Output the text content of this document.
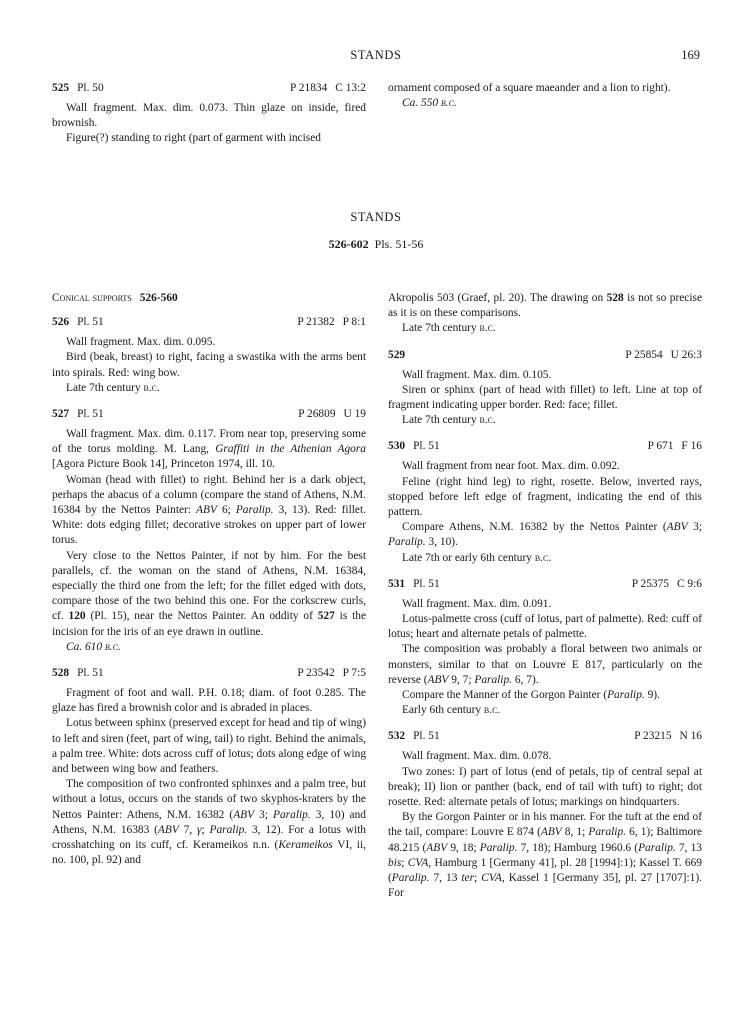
STANDS	169
525 Pl. 50	P 21834 C 13:2

Wall fragment. Max. dim. 0.073. Thin glaze on inside, fired brownish.

Figure(?) standing to right (part of garment with incised

ornament composed of a square maeander and a lion to right).

Ca. 550 b.c.
STANDS
526-602 Pls. 51-56
Conical supports 526-560
526 Pl. 51	P 21382 P 8:1

Wall fragment. Max. dim. 0.095.

Bird (beak, breast) to right, facing a swastika with the arms bent into spirals. Red: wing bow.

Late 7th century b.c.

527 Pl. 51	P 26809 U 19

Wall fragment. Max. dim. 0.117. From near top, preserving some of the torus molding. M. Lang, Graffiti in the Athenian Agora [Agora Picture Book 14], Princeton 1974, ill. 10.

Woman (head with fillet) to right. Behind her is a dark object, perhaps the abacus of a column (compare the stand of Athens, N.M. 16384 by the Nettos Painter: ABV 6; Paralip. 3, 13). Red: fillet. White: dots edging fillet; decorative strokes on upper part of lower torus.

Very close to the Nettos Painter, if not by him. For the best parallels, cf. the woman on the stand of Athens, N.M. 16384, especially the third one from the left; for the fillet edged with dots, compare those of the two behind this one. For the corkscrew curls, cf. 120 (Pl. 15), near the Nettos Painter. An oddity of 527 is the incision for the iris of an eye drawn in outline.

Ca. 610 b.c.

528 Pl. 51	P 23542 P 7:5

Fragment of foot and wall. P.H. 0.18; diam. of foot 0.285. The glaze has fired a brownish color and is abraded in places.

Lotus between sphinx (preserved except for head and tip of wing) to left and siren (feet, part of wing, tail) to right. Behind the animals, a palm tree. White: dots across cuff of lotus; dots along edge of wing and between wing bow and feathers.

The composition of two confronted sphinxes and a palm tree, but without a lotus, occurs on the stands of two skyphos-kraters by the Nettos Painter: Athens, N.M. 16382 (ABV 3; Paralip. 3, 10) and Athens, N.M. 16383 (ABV 7, γ; Paralip. 3, 12). For a lotus with crosshatching on its cuff, cf. Kerameikos n.n. (Kerameikos VI, ii, no. 100, pl. 92) and

Akropolis 503 (Graef, pl. 20). The drawing on 528 is not so precise as it is on these comparisons.

Late 7th century b.c.

529	P 25854 U 26:3

Wall fragment. Max. dim. 0.105.

Siren or sphinx (part of head with fillet) to left. Line at top of fragment indicating upper border. Red: face; fillet.

Late 7th century b.c.

530 Pl. 51	P 671 F 16

Wall fragment from near foot. Max. dim. 0.092.

Feline (right hind leg) to right, rosette. Below, inverted rays, stopped before left edge of fragment, indicating the end of this pattern.

Compare Athens, N.M. 16382 by the Nettos Painter (ABV 3; Paralip. 3, 10).

Late 7th or early 6th century b.c.

531 Pl. 51	P 25375 C 9:6

Wall fragment. Max. dim. 0.091.

Lotus-palmette cross (cuff of lotus, part of palmette). Red: cuff of lotus; heart and alternate petals of palmette.

The composition was probably a floral between two animals or monsters, similar to that on Louvre E 817, particularly on the reverse (ABV 9, 7; Paralip. 6, 7).

Compare the Manner of the Gorgon Painter (Paralip. 9).

Early 6th century b.c.

532 Pl. 51	P 23215 N 16

Wall fragment. Max. dim. 0.078.

Two zones: I) part of lotus (end of petals, tip of central sepal at break); II) lion or panther (back, end of tail with tuft) to right; dot rosette. Red: alternate petals of lotus; markings on hindquarters.

By the Gorgon Painter or in his manner. For the tuft at the end of the tail, compare: Louvre E 874 (ABV 8, 1; Paralip. 6, 1); Baltimore 48.215 (ABV 9, 18; Paralip. 7, 18); Hamburg 1960.6 (Paralip. 7, 13 bis; CVA, Hamburg 1 [Germany 41], pl. 28 [1994]:1); Kassel T. 669 (Paralip. 7, 13 ter; CVA, Kassel 1 [Germany 35], pl. 27 [1707]:1). For
